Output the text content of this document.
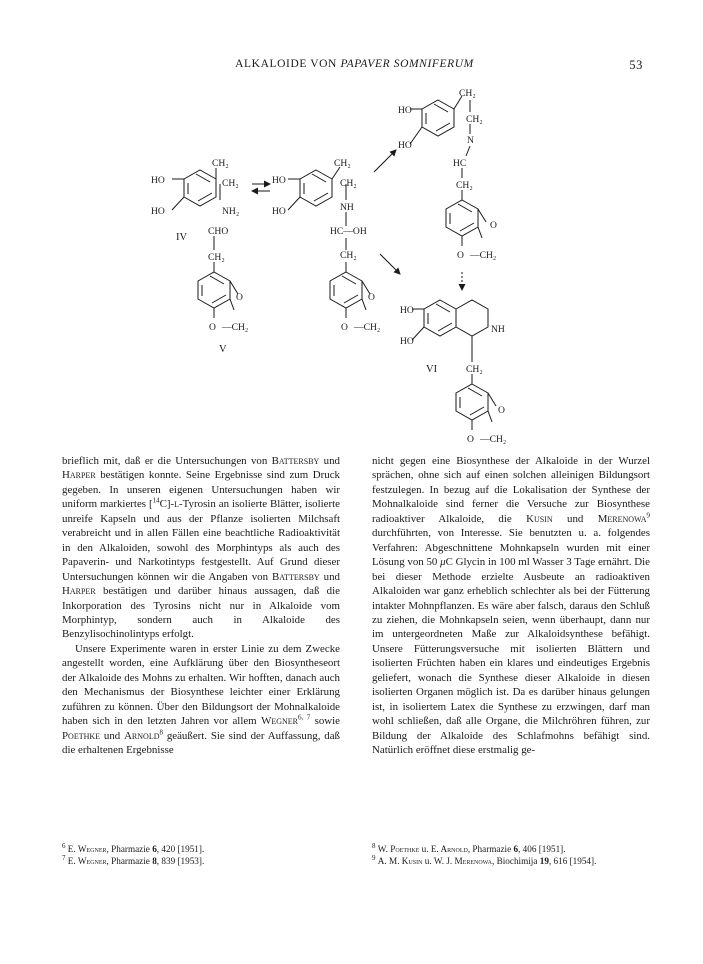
ALKALOIDE VON PAPAVER SOMNIFERUM	53
CH₂
HO	CH₂
NH₂
HO
IV
CHO
CH₂
O
O —CH₂
V
CH₂
HO	CH₂
NH
HO
HC—OH
CH₂
O
O —CH₂
CH₂
HO
CH₂
N
HO
HC
CH₂
O
O —CH₂
HO
NH
HO
VI	CH₂
O
O —CH₂

brieflich mit, daß er die Untersuchungen von Battersby und Harper bestätigen konnte. Seine Ergebnisse sind zum Druck gegeben. In unseren eigenen Untersuchungen haben wir uniform markiertes [$^{14}$C]-l-Tyrosin an isolierte Blätter, isolierte unreife Kapseln und aus der Pflanze isolierten Milchsaft verabreicht und in allen Fällen eine beachtliche Radioaktivität in den Alkaloiden, sowohl des Morphintyps als auch des Papaverin- und Narkotintyps festgestellt. Auf Grund dieser Untersuchungen können wir die Angaben von Battersby und Harper bestätigen und darüber hinaus aussagen, daß die Inkorporation des Tyrosins nicht nur in Alkaloide vom Morphintyp, sondern auch in Alkaloide des Benzylisochinolintyps erfolgt.

Unsere Experimente waren in erster Linie zu dem Zwecke angestellt worden, eine Aufklärung über den Biosyntheseort der Alkaloide des Mohns zu erhalten. Wir hofften, danach auch den Mechanismus der Biosynthese leichter einer Erklärung zuführen zu können. Über den Bildungsort der Mohnalkaloide haben sich in den letzten Jahren vor allem Wegner$^{6, 7}$ sowie Poethke und Arnold$^8$ geäußert. Sie sind der Auffassung, daß die erhaltenen Ergebnisse

nicht gegen eine Biosynthese der Alkaloide in der Wurzel sprächen, ohne sich auf einen solchen alleinigen Bildungsort festzulegen. In bezug auf die Lokalisation der Synthese der Mohnalkaloide sind ferner die Versuche zur Biosynthese radioaktiver Alkaloide, die Kusin und Merenowa$^9$ durchführten, von Interesse. Sie benutzten u. a. folgendes Verfahren: Abgeschnittene Mohnkapseln wurden mit einer Lösung von 50 μC Glycin in 100 ml Wasser 3 Tage ernährt. Die bei dieser Methode erzielte Ausbeute an radioaktiven Alkaloiden war ganz erheblich schlechter als bei der Fütterung intakter Mohnpflanzen. Es wäre aber falsch, daraus den Schluß zu ziehen, die Mohnkapseln seien, wenn überhaupt, dann nur im untergeordneten Maße zur Alkaloidsynthese befähigt. Unsere Fütterungsversuche mit isolierten Blättern und isolierten Früchten haben ein klares und eindeutiges Ergebnis geliefert, wonach die Synthese dieser Alkaloide in diesen isolierten Organen möglich ist. Da es darüber hinaus gelungen ist, in isoliertem Latex die Synthese zu erzwingen, darf man wohl schließen, daß alle Organe, die Milchröhren führen, zur Bildung der Alkaloide des Schlafmohns befähigt sind. Natürlich eröffnet diese erstmalig ge-

$^6$ E. Wegner, Pharmazie 6, 420 [1951].
$^7$ E. Wegner, Pharmazie 8, 839 [1953].
$^8$ W. Poethke u. E. Arnold, Pharmazie 6, 406 [1951].
$^9$ A. M. Kusin u. W. J. Merenowa, Biochimija 19, 616 [1954].
